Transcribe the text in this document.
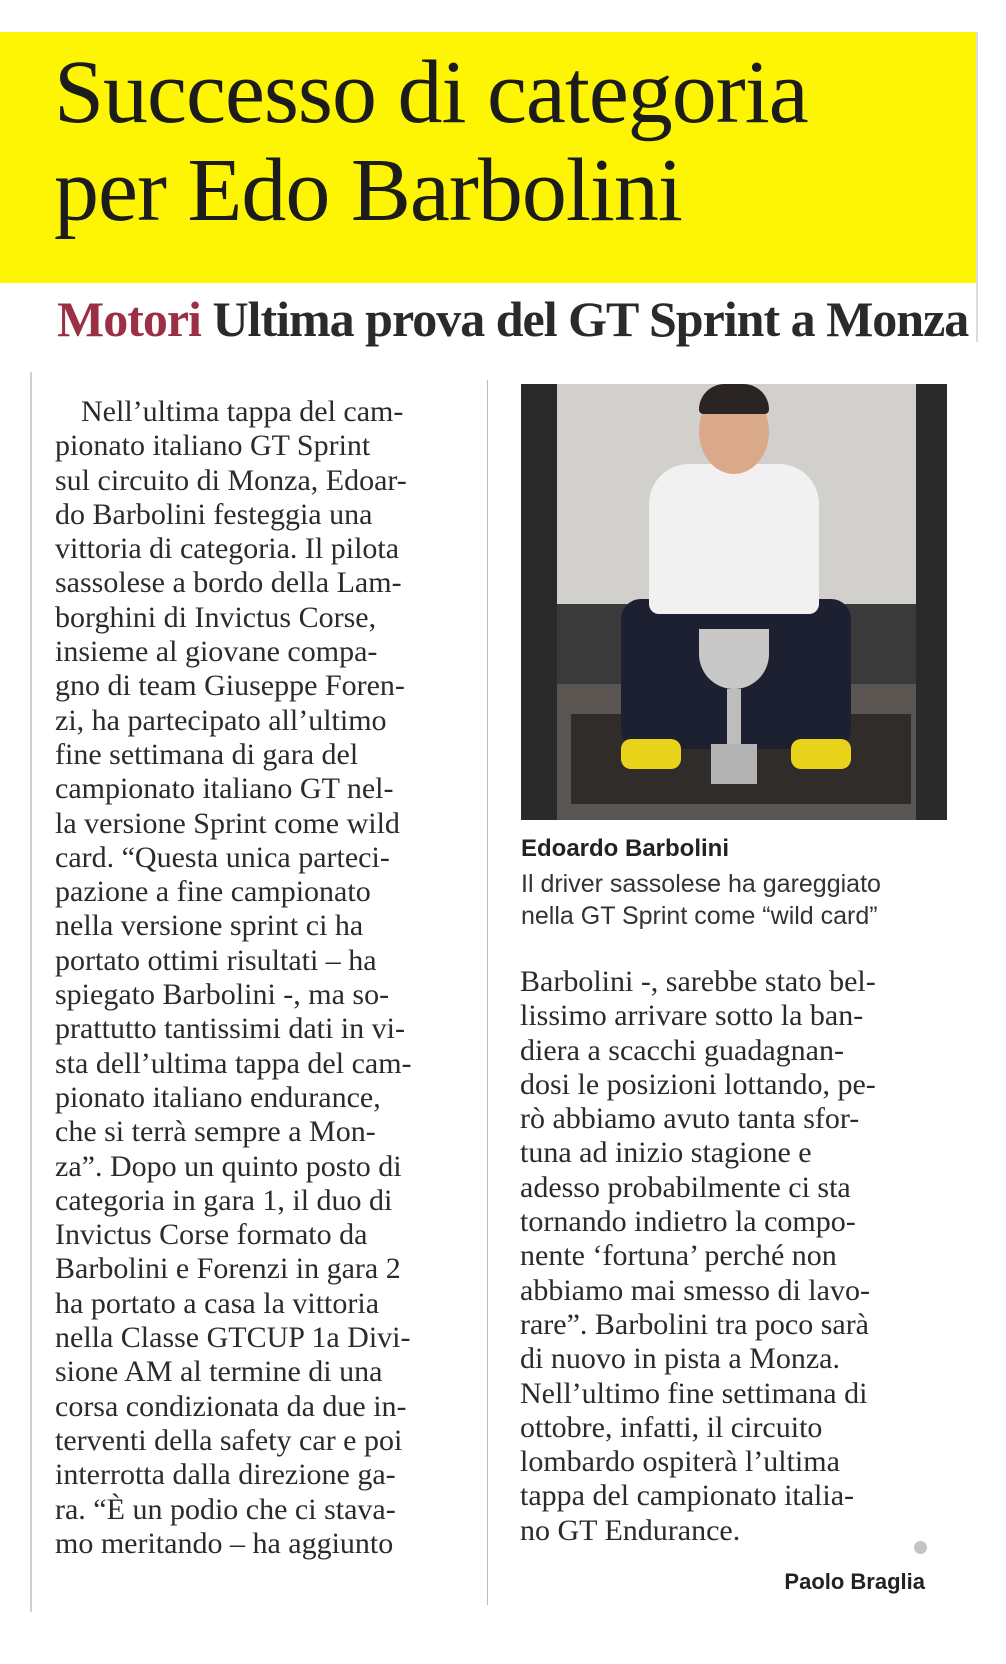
Successo di categoria
per Edo Barbolini
Motori Ultima prova del GT Sprint a Monza

Nell’ultima tappa del cam-
pionato italiano GT Sprint
sul circuito di Monza, Edoar-
do Barbolini festeggia una
vittoria di categoria. Il pilota
sassolese a bordo della Lam-
borghini di Invictus Corse,
insieme al giovane compa-
gno di team Giuseppe Foren-
zi, ha partecipato all’ultimo
fine settimana di gara del
campionato italiano GT nel-
la versione Sprint come wild
card. “Questa unica parteci-
pazione a fine campionato
nella versione sprint ci ha
portato ottimi risultati – ha
spiegato Barbolini -, ma so-
prattutto tantissimi dati in vi-
sta dell’ultima tappa del cam-
pionato italiano endurance,
che si terrà sempre a Mon-
za”. Dopo un quinto posto di
categoria in gara 1, il duo di
Invictus Corse formato da
Barbolini e Forenzi in gara 2
ha portato a casa la vittoria
nella Classe GTCUP 1a Divi-
sione AM al termine di una
corsa condizionata da due in-
terventi della safety car e poi
interrotta dalla direzione ga-
ra. “È un podio che ci stava-
mo meritando – ha aggiunto

Edoardo Barbolini

Il driver sassolese ha gareggiato

nella GT Sprint come “wild card”

Barbolini -, sarebbe stato bel-
lissimo arrivare sotto la ban-
diera a scacchi guadagnan-
dosi le posizioni lottando, pe-
rò abbiamo avuto tanta sfor-
tuna ad inizio stagione e
adesso probabilmente ci sta
tornando indietro la compo-
nente ‘fortuna’ perché non
abbiamo mai smesso di lavo-
rare”. Barbolini tra poco sarà
di nuovo in pista a Monza.
Nell’ultimo fine settimana di
ottobre, infatti, il circuito
lombardo ospiterà l’ultima
tappa del campionato italia-
no GT Endurance.

Paolo Braglia
